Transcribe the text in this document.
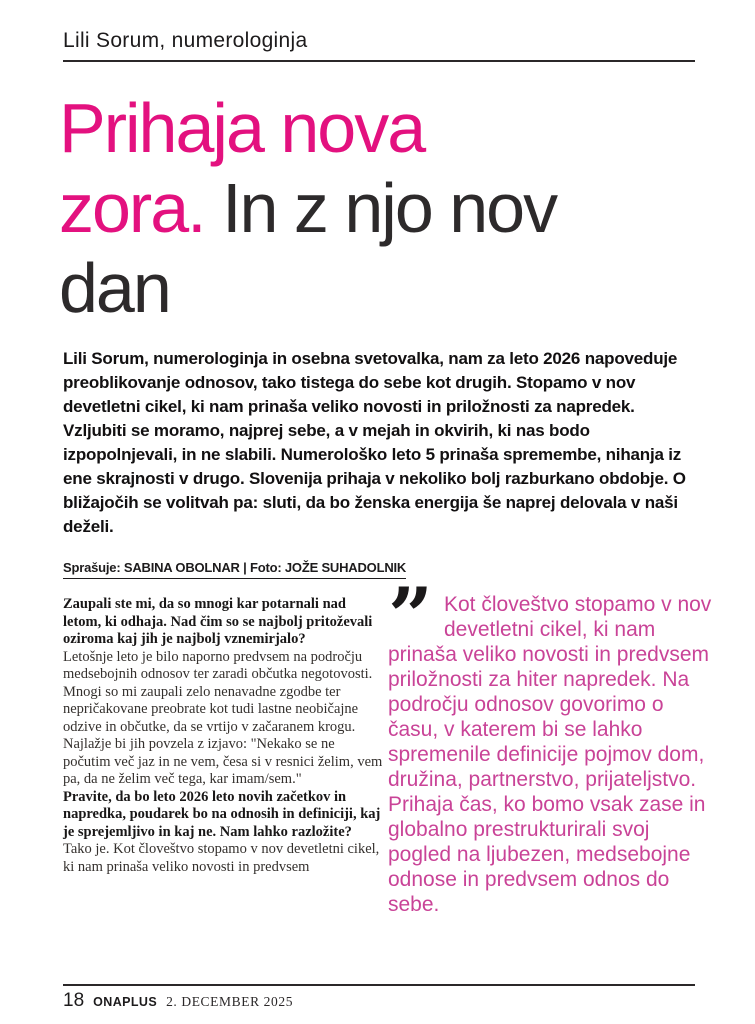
Lili Sorum, numerologinja
Prihaja nova
zora. In z njo nov
dan

Lili Sorum, numerologinja in osebna svetovalka, nam za leto 2026 napoveduje preoblikovanje odnosov, tako tistega do sebe kot drugih. Stopamo v nov devetletni cikel, ki nam prinaša veliko novosti in priložnosti za napredek. Vzljubiti se moramo, najprej sebe, a v mejah in okvirih, ki nas bodo izpopolnjevali, in ne slabili. Numerološko leto 5 prinaša spremembe, nihanja iz ene skrajnosti v drugo. Slovenija prihaja v nekoliko bolj razburkano obdobje. O bližajočih se volitvah pa: sluti, da bo ženska energija še naprej delovala v naši deželi.

Sprašuje: SABINA OBOLNAR | Foto: JOŽE SUHADOLNIK

Zaupali ste mi, da so mnogi kar potarnali nad letom, ki odhaja. Nad čim so se najbolj pritoževali oziroma kaj jih je najbolj vznemirjalo?

Letošnje leto je bilo naporno predvsem na področju medsebojnih odnosov ter zaradi občutka negotovosti. Mnogi so mi zaupali zelo nenavadne zgodbe ter nepričakovane preobrate kot tudi lastne neobičajne odzive in občutke, da se vrtijo v začaranem krogu. Najlažje bi jih povzela z izjavo: "Nekako se ne počutim več jaz in ne vem, česa si v resnici želim, vem pa, da ne želim več tega, kar imam/sem."

Pravite, da bo leto 2026 leto novih začetkov in napredka, poudarek bo na odnosih in definiciji, kaj je sprejemljivo in kaj ne. Nam lahko razložite?

Tako je. Kot človeštvo stopamo v nov devetletni cikel, ki nam prinaša veliko novosti in predvsem

” Kot človeštvo stopamo v nov devetletni cikel, ki nam prinaša veliko novosti in predvsem priložnosti za hiter napredek. Na področju odnosov govorimo o času, v katerem bi se lahko spremenile definicije pojmov dom, družina, partnerstvo, prijateljstvo. Prihaja čas, ko bomo vsak zase in globalno prestrukturirali svoj pogled na ljubezen, medsebojne odnose in predvsem odnos do sebe.
18 ONAPLUS 2. DECEMBER 2025
